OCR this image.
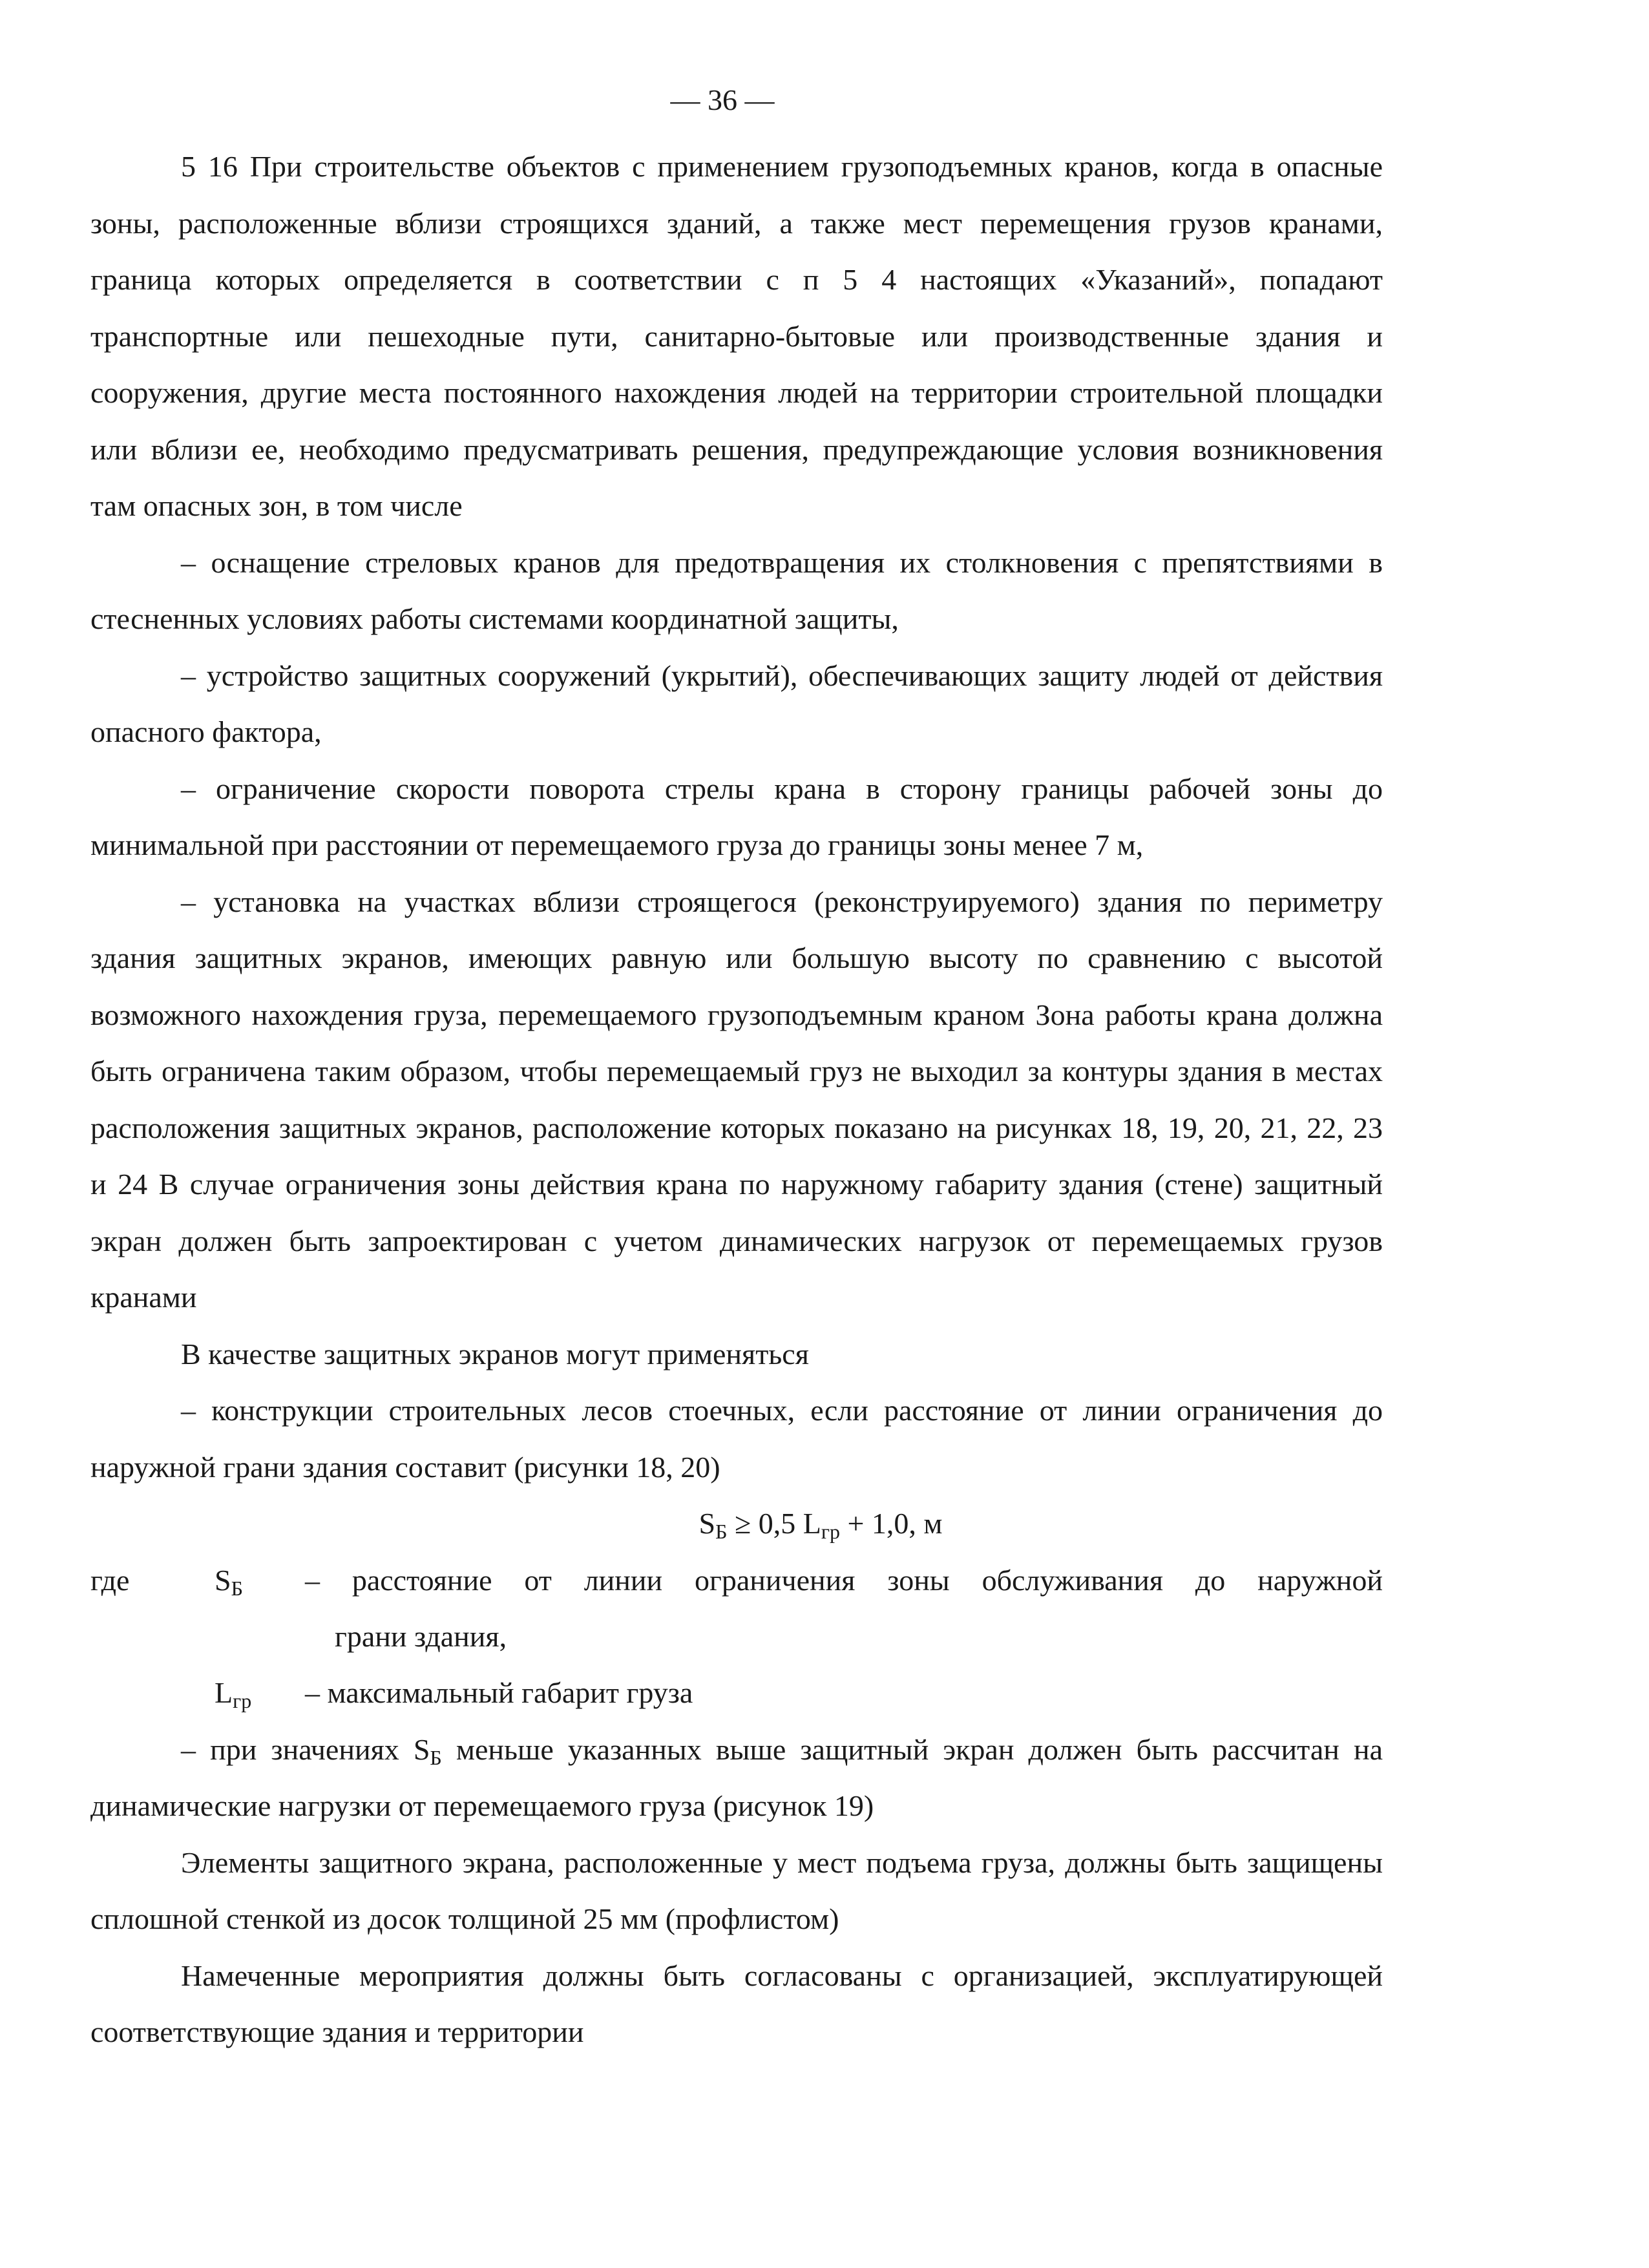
— 36 —

5 16 При строительстве объектов с применением грузоподъемных кранов, когда в опасные зоны, расположенные вблизи строящихся зданий, а также мест перемещения грузов кранами, граница которых определяется в соответствии с п 5 4 настоящих «Указаний», попадают транспортные или пешеходные пути, санитарно-бытовые или производственные здания и сооружения, другие места постоянного нахождения людей на территории строительной площадки или вблизи ее, необходимо предусматривать решения, предупреждающие условия возникновения там опасных зон, в том числе

– оснащение стреловых кранов для предотвращения их столкновения с препятствиями в стесненных условиях работы системами координатной защиты,

– устройство защитных сооружений (укрытий), обеспечивающих защиту людей от действия опасного фактора,

– ограничение скорости поворота стрелы крана в сторону границы рабочей зоны до минимальной при расстоянии от перемещаемого груза до границы зоны менее 7 м,

– установка на участках вблизи строящегося (реконструируемого) здания по периметру здания защитных экранов, имеющих равную или большую высоту по сравнению с высотой возможного нахождения груза, перемещаемого грузоподъемным краном Зона работы крана должна быть ограничена таким образом, чтобы перемещаемый груз не выходил за контуры здания в местах расположения защитных экранов, расположение которых показано на рисунках 18, 19, 20, 21, 22, 23 и 24 В случае ограничения зоны действия крана по наружному габариту здания (стене) защитный экран должен быть запроектирован с учетом динамических нагрузок от перемещаемых грузов кранами

В качестве защитных экранов могут применяться

– конструкции строительных лесов стоечных, если расстояние от линии ограничения до наружной грани здания составит (рисунки 18, 20)

$S_Б \ge 0,5$ $L_{гр} + 1,0$, м

где	$S_Б$ – расстояние от линии ограничения зоны обслуживания до наружной
грани здания,
$L_{гр}$ – максимальный габарит груза

– при значениях $S_Б$ меньше указанных выше защитный экран должен быть рассчитан на динамические нагрузки от перемещаемого груза (рисунок 19)

Элементы защитного экрана, расположенные у мест подъема груза, должны быть защищены сплошной стенкой из досок толщиной 25 мм (профлистом)

Намеченные мероприятия должны быть согласованы с организацией, эксплуатирующей соответствующие здания и территории
